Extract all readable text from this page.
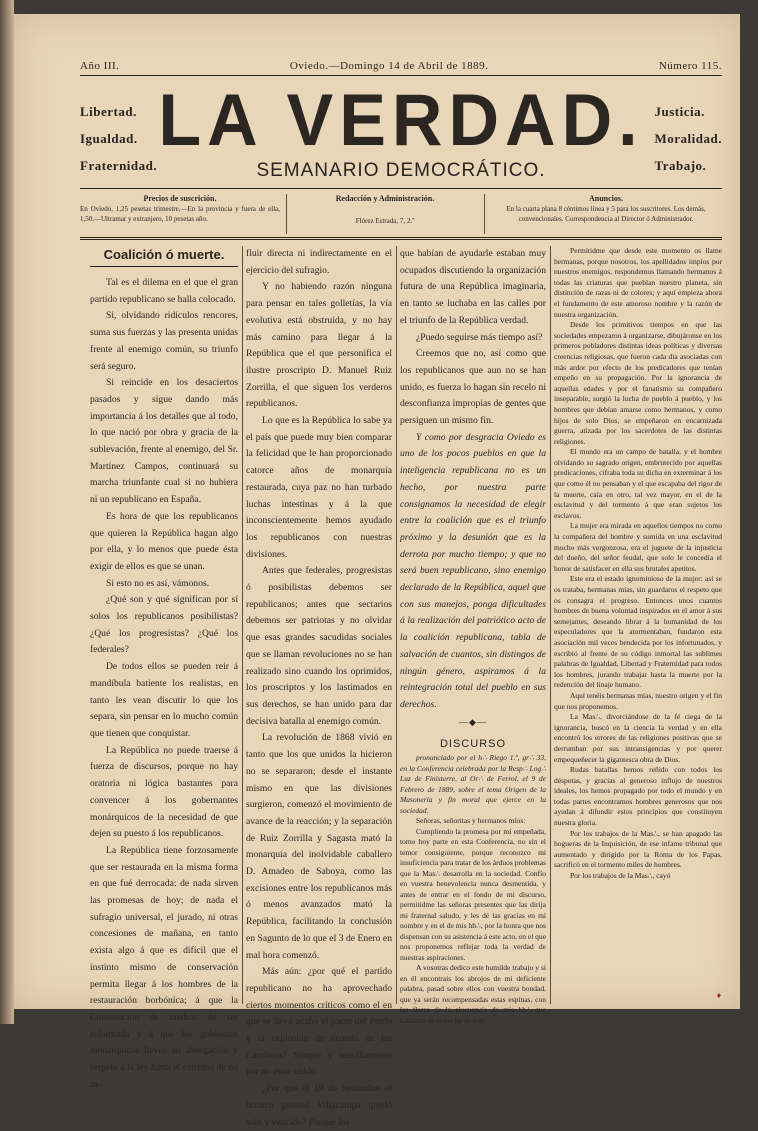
Año III.	Oviedo.—Domingo 14 de Abril de 1889.	Número 115.
Libertad.
Igualdad.
Fraternidad.
LA VERDAD. Justicia.
Moralidad.
Trabajo.
SEMANARIO DEMOCRÁTICO.
Precios de suscrición.
En Oviedo, 1,25 pesetas trimestre.—En la provincia y fuera de ella, 1,50.—Ultramar y extranjero, 10 pesetas año.
Redacción y Administración.
Flórez Estrada, 7, 2.º
Anuncios.
En la cuarta plana 8 céntimos línea y 5 para los suscritores. Los demás, convencionales. Correspondencia al Director ó Administrador.

Coalición ó muerte.

Tal es el dilema en el que el gran partido republicano se halla colocado.

Si, olvidando ridículos rencores, suma sus fuerzas y las presenta unidas frente al enemigo común, su triunfo será seguro.

Si reincide en los desaciertos pasados y sigue dando más importancia á los detalles que al todo, lo que nació por obra y gracia de la sublevación, frente al enemigo, del Sr. Martínez Campos, continuará su marcha triunfante cual si no hubiera ni un republicano en España.

Es hora de que los republicanos que quieren la República hagan algo por ella, y lo menos que puede ésta exigir de ellos es que se unan.

Si esto no es así, vámonos.

¿Qué son y qué significan por sí solos los republicanos posibilistas? ¿Qué los progresistas? ¿Qué los federales?

De todos ellos se pueden reir á mandíbula batiente los realistas, en tanto les vean discutir lo que los separa, sin pensar en lo mucho común que tienen que conquistar.

La República no puede traerse á fuerza de discursos, porque no hay oratoria ni lógica bastantes para convencer á los gobernantes monárquicos de la necesidad de que dejen su puesto á los republicanos.

La República tiene forzosamente que ser restaurada en la misma forma en que fué derrocada: de nada sirven las promesas de hoy; de nada el sufragio universal, el jurado, ni otras concesiones de mañana, en tanto exista algo á que es difícil que el instinto mismo de conservación permita llegar á los hombres de la restauración borbónica; á que la Constitución de medios de ser reformada y á que los gobiernos monárquicos lleven su abnegación y respeto á la ley hasta el extremo de no in-

fluir directa ni indirectamente en el ejercicio del sufragio.

Y no habiendo razón ninguna para pensar en tales golletías, la vía evolutiva está obstruida, y no hay más camino para llegar á la República que el que personifica el ilustre proscripto D. Manuel Ruiz Zorrilla, el que siguen los verderos republicanos.

Lo que es la República lo sabe ya el país que puede muy bien comparar la felicidad que le han proporcionado catorce años de monarquía restaurada, cuya paz no han turbado luchas intestinas y á la que inconscientemente hemos ayudado los republicanos con nuestras divisiones.

Antes que federales, progresistas ó posibilistas debemos ser republicanos; antes que sectarios debemos ser patriotas y no olvidar que esas grandes sacudidas sociales que se llaman revoluciones no se han realizado sino cuando los oprimidos, los proscriptos y los lastimados en sus derechos, se han unido para dar decisiva batalla al enemigo común.

La revolución de 1868 vivió en tanto que los que unidos la hicieron no se separaron; desde el instante mismo en que las divisiones surgieron, comenzó el movimiento de avance de la reacción; y la separación de Ruiz Zorrilla y Sagasta mató la monarquía del inolvidable caballero D. Amadeo de Saboya, como las excisiones entre los republicanos más ó menos avanzados mató la República, facilitando la conclusión en Sagunto de lo que el 3 de Enero en mal hora comenzó.

Más aún: ¿por qué el partido republicano no ha aprovechado ciertos momentos críticos como el en que se llevó acabo el pacto del Pardo y la explosión de cuando de las Carolinas? Simple y sencillamente por no estar unido.

¿Por qué el 19 de Setiembre el bizarro general Villacampa quedó solo y vencido? Porque los

que habían de ayudarle estaban muy ocupados discutiendo la organización futura de una República imaginaria, en tanto se luchaba en las calles por el triunfo de la República verdad.

¿Puedo seguirse más tiempo así?

Creemos que no, así como que los republicanos que aun no se han unido, es fuerza lo hagan sin recelo ni desconfianza impropias de gentes que persiguen un mismo fin.

Y como por desgracia Oviedo es uno de los pocos pueblos en que la inteligencia republicana no es un hecho, por nuestra parte consignamos la necesidad de elegir entre la coalición que es el triunfo próximo y la desunión que es la derrota por mucho tiempo; y que no será buen republicano, sino enemigo declarado de la República, aquel que con sus manejos, ponga dificultades á la realización del patriótico acto de la coalición republicana, tabla de salvación de cuantos, sin distingos de ningún género, aspiramos á la reintegración total del pueblo en sus derechos.

—◆—

DISCURSO

pronunciado por el h∴ Riego 1.º, gr∴ 33, en la Conferencia celebrada por la Resp∴ Log∴ Luz de Finisterre, al Or∴ de Ferrol, el 9 de Febrero de 1889, sobre el tema Origen de la Masonería y fin moral que ejerce en la sociedad.

Señoras, señoritas y hermanos míos:

Cumpliendo la promesa por mí empeñada, tomo hoy parte en esta Conferencia, no sin el temor consiguiente, porque reconozco mi insuficiencia para tratar de los árduos problemas que la Mas∴ desarrolla en la sociedad. Confío en vuestra benevolencia nunca desmentida, y antes de entrar en el fondo de mi discurso, permitidme las señoras presentes que las dirija mi fraternal saludo, y les dé las gracias en mi nombre y en el de mis hh∴, por la honra que nos dispensan con su asistencia á este acto, en el que nos proponemos reflejar toda la verdad de nuestras aspiraciones.

A vosotras dedico este humilde trabajo y si en él encontrais los abrojos de mi deficiente palabra, pasad sobre ellos con vuestra bondad, que ya serán recompensadas estas espinas, con las flores de la elocuencia de mis hh∴ que hablarán en la noche de hoy.

Permitidme que desde este momento os llame hermanas, porque nosotros, los apellidados impíos por nuestros enemigos, respondemos llamando hermanos á todas las criaturas que pueblan nuestro planeta, sin distinción de razas ni de colores; y aquí empieza ahora el fundamento de este amoroso nombre y la razón de nuestra organización.

Desde los primitivos tiempos en que las sociedades empezaron á organizarse, dibujáronse en los primeros pobladores distintas ideas políticas y diversas creencias religiosas, que fueron cada día asociadas con más ardor por efecto de los predicadores que tenían empeño en su propagación. Por la ignorancia de aquellas edades y por el fanatismo su compañero inseparable, surgió la lucha de pueblo á pueblo, y los hombres que debían amarse como hermanos, y como hijos de solo Dios, se empeñaron en encarnizada guerra, atizada por los sacerdotes de las distintas religiones.

El mundo era un campo de batalla, y el hombre olvidando su sagrado origen, embrutecido por aquellas predicaciones, cifraba toda su dicha en exterminar á los que como él no pensaban y el que escapaba del rigor de la muerte, caía en otro, tal vez mayor, en el de la esclavitud y del tormento á que eran sujetos los esclavos.

La mujer era mirada en aquellos tiempos no como la compañera del hombre y sumida en una esclavitud mucho más vergonzosa, era el juguete de la injusticia del dueño, del señor feudal, que solo le concedía el honor de satisfacer en ella sus brutales apetitos.

Este era el estado ignominioso de la mujer: así se os trataba, hermanas mías, sin guardaros el respeto que os consagra el progreso. Entonces unos cuantos hombres de buena voluntad inspirados en el amor á sus semejantes, deseando librar á la humanidad de los especuladores que la atormentaban, fundaron esta asociación mil veces bendecida por los infortunados, y escribió al frente de su código inmortal las sublimes palabras de Igualdad, Libertad y Fraternidad para todos los hombres, jurando trabajar hasta la muerte por la redención del linaje humano.

Aquí tenéis hermanas mías, nuestro origen y el fin que nos proponemos.

La Mas∴, divorciándose de la fé ciega de la ignorancia, buscó en la ciencia la verdad y en ella encontró los errores de las religiones positivas que se derrumban por sus intransigencias y por querer empequeñecer la gigantesca obra de Dios.

Rudas batallas hemos reñido con todos los déspotas, y gracias al generoso influjo de nuestros ideales, los hemos propagado por todo el mundo y en todas partes encontramos hombres generosos que nos ayudan á difundir estos principios que constituyen nuestra gloria.

Por los trabajos de la Mas∴, se han apagado las hogueras de la Inquisición, de ese infame tribunal que aumentado y dirigido por la Roma de los Papas, sacrificó en el tormento miles de hombres.

Por los trabajos de la Mas∴, cayó

♦
